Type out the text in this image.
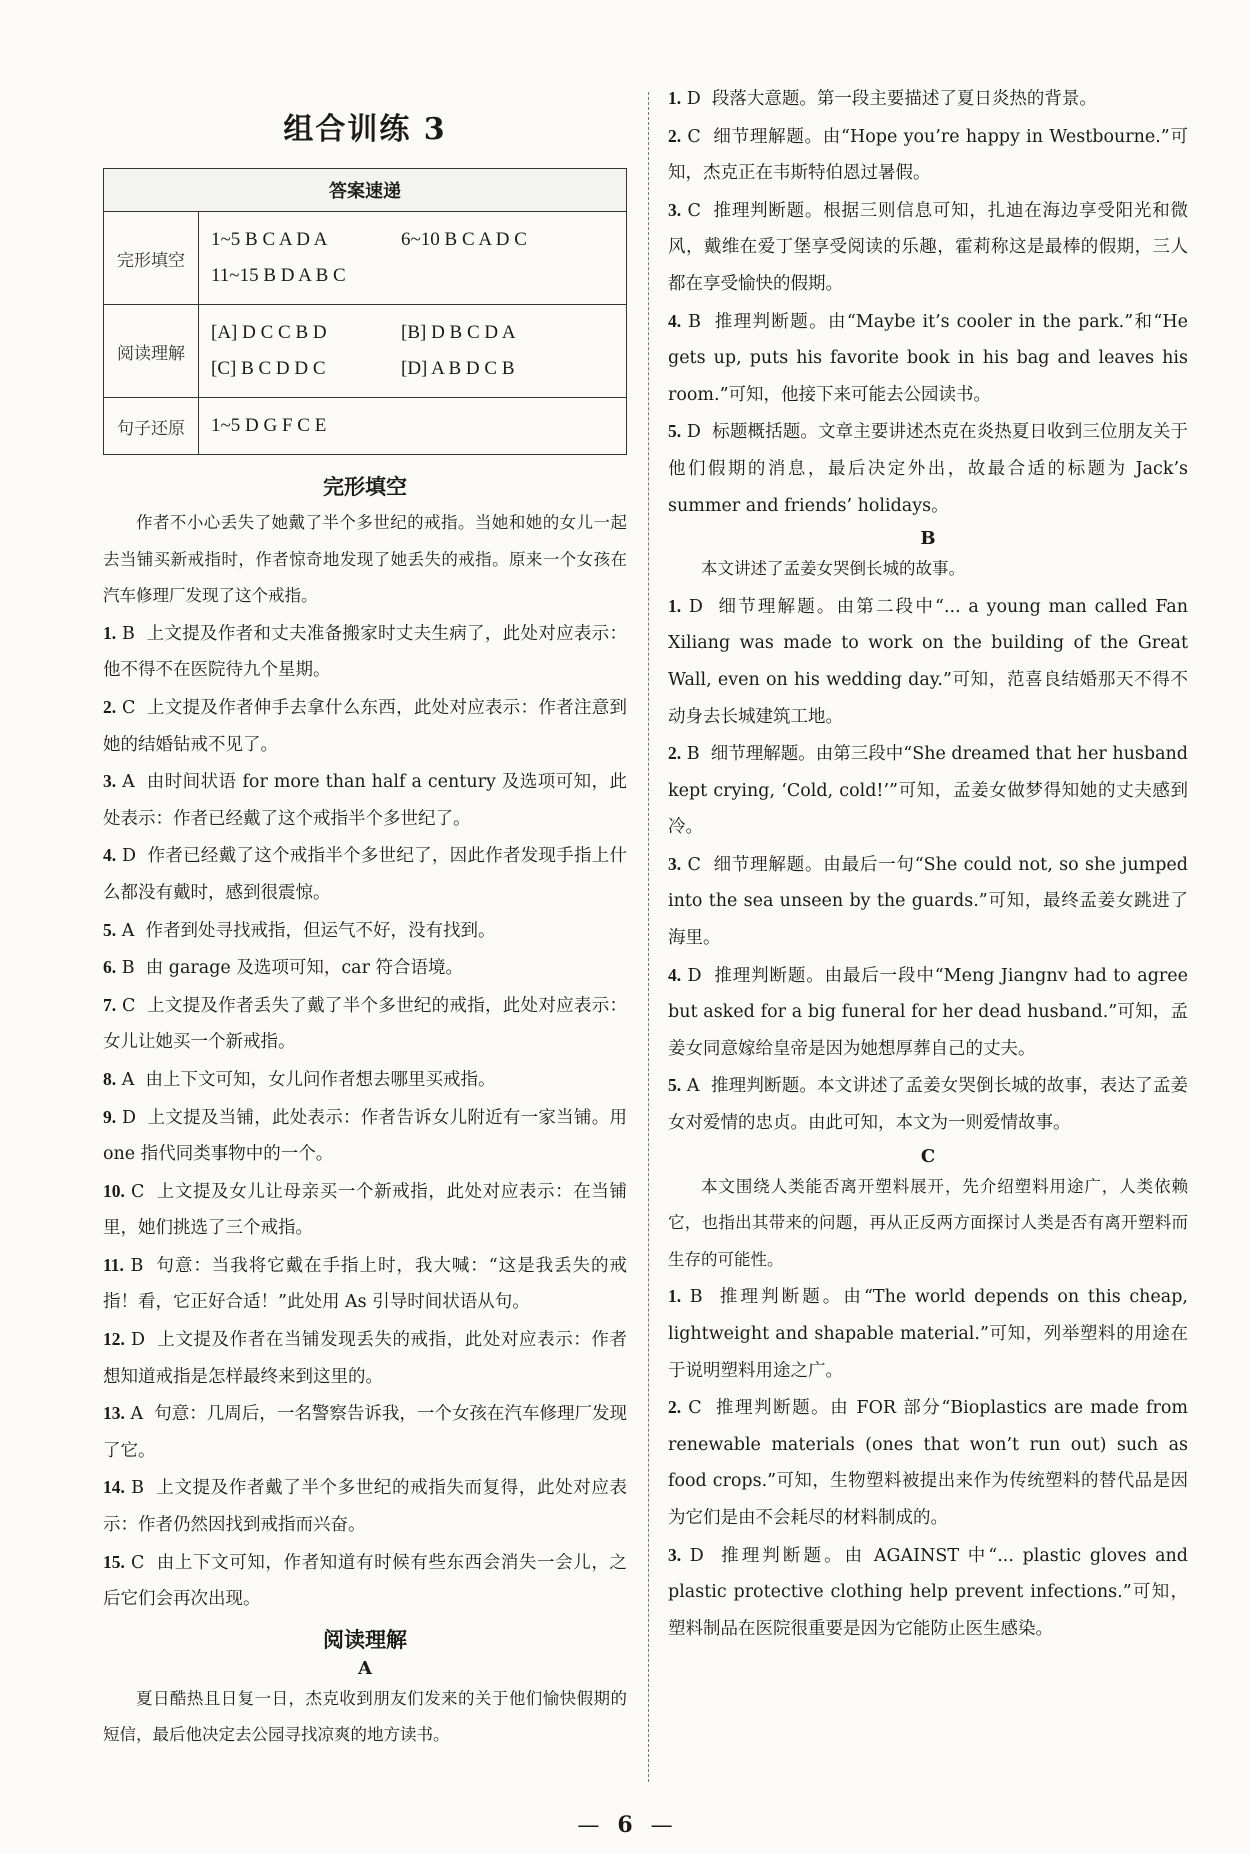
组合训练 3
答案速递	
完形填空	1~5 B C A D A 6~10 B C A D C
11~15 B D A B C

阅读理解	[A] D C C B D [B] D B C D A
[C] B C D D C [D] A B D C B

句子还原	1~5 D G F C E
完形填空

作者不小心丢失了她戴了半个多世纪的戒指。当她和她的女儿一起去当铺买新戒指时，作者惊奇地发现了她丢失的戒指。原来一个女孩在汽车修理厂发现了这个戒指。

1. B 上文提及作者和丈夫准备搬家时丈夫生病了，此处对应表示：他不得不在医院待九个星期。

2. C 上文提及作者伸手去拿什么东西，此处对应表示：作者注意到她的结婚钻戒不见了。

3. A 由时间状语 for more than half a century 及选项可知，此处表示：作者已经戴了这个戒指半个多世纪了。

4. D 作者已经戴了这个戒指半个多世纪了，因此作者发现手指上什么都没有戴时，感到很震惊。

5. A 作者到处寻找戒指，但运气不好，没有找到。

6. B 由 garage 及选项可知，car 符合语境。

7. C 上文提及作者丢失了戴了半个多世纪的戒指，此处对应表示：女儿让她买一个新戒指。

8. A 由上下文可知，女儿问作者想去哪里买戒指。

9. D 上文提及当铺，此处表示：作者告诉女儿附近有一家当铺。用 one 指代同类事物中的一个。

10. C 上文提及女儿让母亲买一个新戒指，此处对应表示：在当铺里，她们挑选了三个戒指。

11. B 句意：当我将它戴在手指上时，我大喊：“这是我丢失的戒指！看，它正好合适！”此处用 As 引导时间状语从句。

12. D 上文提及作者在当铺发现丢失的戒指，此处对应表示：作者想知道戒指是怎样最终来到这里的。

13. A 句意：几周后，一名警察告诉我，一个女孩在汽车修理厂发现了它。

14. B 上文提及作者戴了半个多世纪的戒指失而复得，此处对应表示：作者仍然因找到戒指而兴奋。

15. C 由上下文可知，作者知道有时候有些东西会消失一会儿，之后它们会再次出现。

阅读理解
A

夏日酷热且日复一日，杰克收到朋友们发来的关于他们愉快假期的短信，最后他决定去公园寻找凉爽的地方读书。

1. D 段落大意题。第一段主要描述了夏日炎热的背景。

2. C 细节理解题。由“Hope you’re happy in Westbourne.”可知，杰克正在韦斯特伯恩过暑假。

3. C 推理判断题。根据三则信息可知，扎迪在海边享受阳光和微风，戴维在爱丁堡享受阅读的乐趣，霍莉称这是最棒的假期，三人都在享受愉快的假期。

4. B 推理判断题。由“Maybe it’s cooler in the park.”和“He gets up, puts his favorite book in his bag and leaves his room.”可知，他接下来可能去公园读书。

5. D 标题概括题。文章主要讲述杰克在炎热夏日收到三位朋友关于他们假期的消息，最后决定外出，故最合适的标题为 Jack’s summer and friends’ holidays。

B

本文讲述了孟姜女哭倒长城的故事。

1. D 细节理解题。由第二段中“... a young man called Fan Xiliang was made to work on the building of the Great Wall, even on his wedding day.”可知，范喜良结婚那天不得不动身去长城建筑工地。

2. B 细节理解题。由第三段中“She dreamed that her husband kept crying, ‘Cold, cold!’”可知，孟姜女做梦得知她的丈夫感到冷。

3. C 细节理解题。由最后一句“She could not, so she jumped into the sea unseen by the guards.”可知，最终孟姜女跳进了海里。

4. D 推理判断题。由最后一段中“Meng Jiangnv had to agree but asked for a big funeral for her dead husband.”可知，孟姜女同意嫁给皇帝是因为她想厚葬自己的丈夫。

5. A 推理判断题。本文讲述了孟姜女哭倒长城的故事，表达了孟姜女对爱情的忠贞。由此可知，本文为一则爱情故事。

C

本文围绕人类能否离开塑料展开，先介绍塑料用途广，人类依赖它，也指出其带来的问题，再从正反两方面探讨人类是否有离开塑料而生存的可能性。

1. B 推理判断题。由“The world depends on this cheap, lightweight and shapable material.”可知，列举塑料的用途在于说明塑料用途之广。

2. C 推理判断题。由 FOR 部分“Bioplastics are made from renewable materials (ones that won’t run out) such as food crops.”可知，生物塑料被提出来作为传统塑料的替代品是因为它们是由不会耗尽的材料制成的。

3. D 推理判断题。由 AGAINST 中“... plastic gloves and plastic protective clothing help prevent infections.”可知，塑料制品在医院很重要是因为它能防止医生感染。

— 6 —
